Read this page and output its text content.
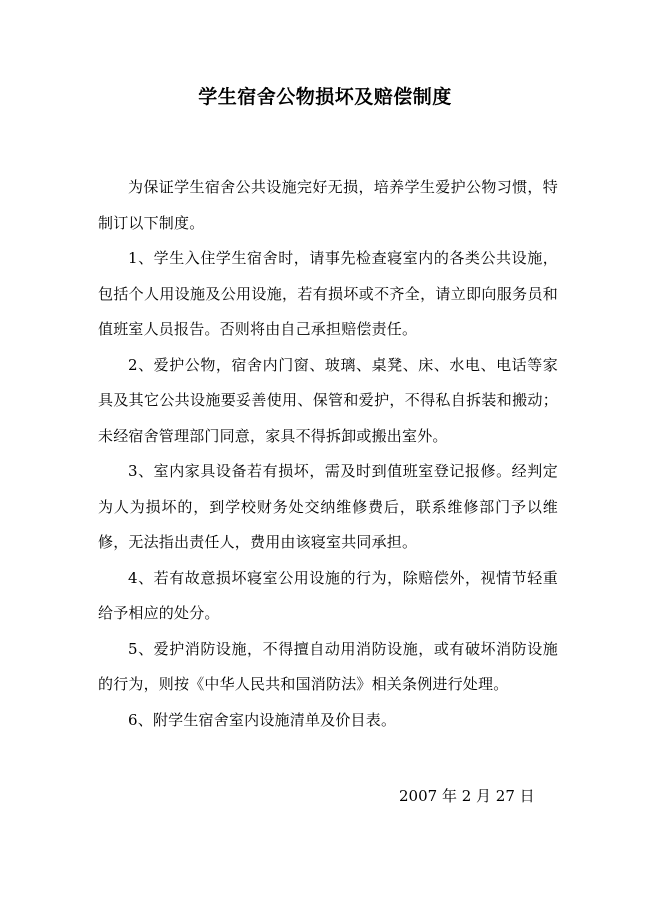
学生宿舍公物损坏及赔偿制度

为保证学生宿舍公共设施完好无损，培养学生爱护公物习惯，特制订以下制度。

1、学生入住学生宿舍时，请事先检查寝室内的各类公共设施，包括个人用设施及公用设施，若有损坏或不齐全，请立即向服务员和值班室人员报告。否则将由自己承担赔偿责任。

2、爱护公物，宿舍内门窗、玻璃、桌凳、床、水电、电话等家具及其它公共设施要妥善使用、保管和爱护，不得私自拆装和搬动；未经宿舍管理部门同意，家具不得拆卸或搬出室外。

3、室内家具设备若有损坏，需及时到值班室登记报修。经判定为人为损坏的，到学校财务处交纳维修费后，联系维修部门予以维修，无法指出责任人，费用由该寝室共同承担。

4、若有故意损坏寝室公用设施的行为，除赔偿外，视情节轻重给予相应的处分。

5、爱护消防设施，不得擅自动用消防设施，或有破坏消防设施的行为，则按《中华人民共和国消防法》相关条例进行处理。

6、附学生宿舍室内设施清单及价目表。

2007 年 2 月 27 日
